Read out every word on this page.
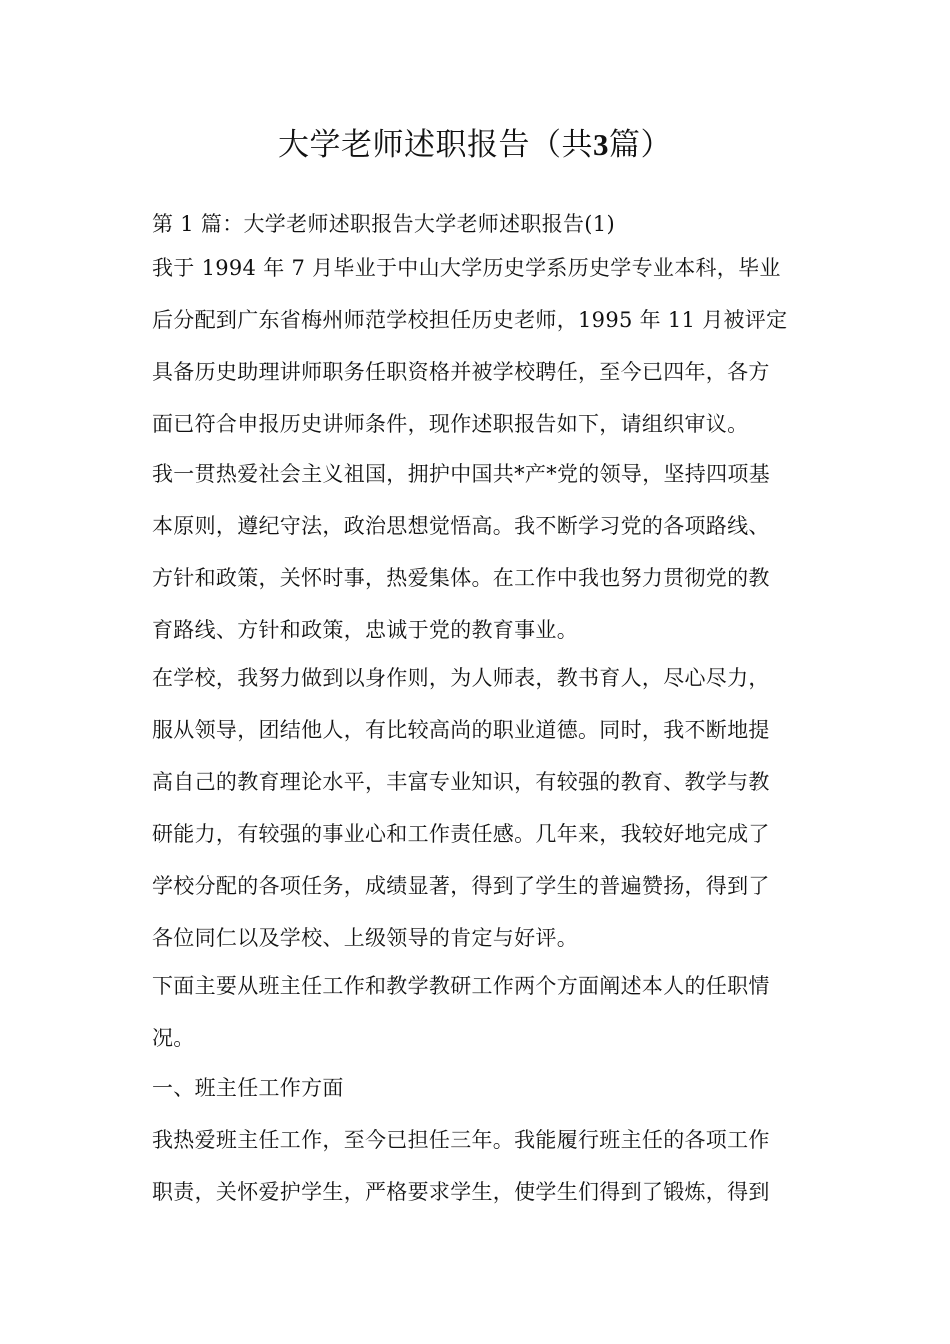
大学老师述职报告（共3篇）
第 1 篇：大学老师述职报告大学老师述职报告(1)
我于 1994 年 7 月毕业于中山大学历史学系历史学专业本科，毕业
后分配到广东省梅州师范学校担任历史老师，1995 年 11 月被评定
具备历史助理讲师职务任职资格并被学校聘任，至今已四年，各方
面已符合申报历史讲师条件，现作述职报告如下，请组织审议。
我一贯热爱社会主义祖国，拥护中国共*产*党的领导，坚持四项基
本原则，遵纪守法，政治思想觉悟高。我不断学习党的各项路线、
方针和政策，关怀时事，热爱集体。在工作中我也努力贯彻党的教
育路线、方针和政策，忠诚于党的教育事业。
在学校，我努力做到以身作则，为人师表，教书育人，尽心尽力，
服从领导，团结他人，有比较高尚的职业道德。同时，我不断地提
高自己的教育理论水平，丰富专业知识，有较强的教育、教学与教
研能力，有较强的事业心和工作责任感。几年来，我较好地完成了
学校分配的各项任务，成绩显著，得到了学生的普遍赞扬，得到了
各位同仁以及学校、上级领导的肯定与好评。
下面主要从班主任工作和教学教研工作两个方面阐述本人的任职情
况。
一、班主任工作方面
我热爱班主任工作，至今已担任三年。我能履行班主任的各项工作
职责，关怀爱护学生，严格要求学生，使学生们得到了锻炼，得到
